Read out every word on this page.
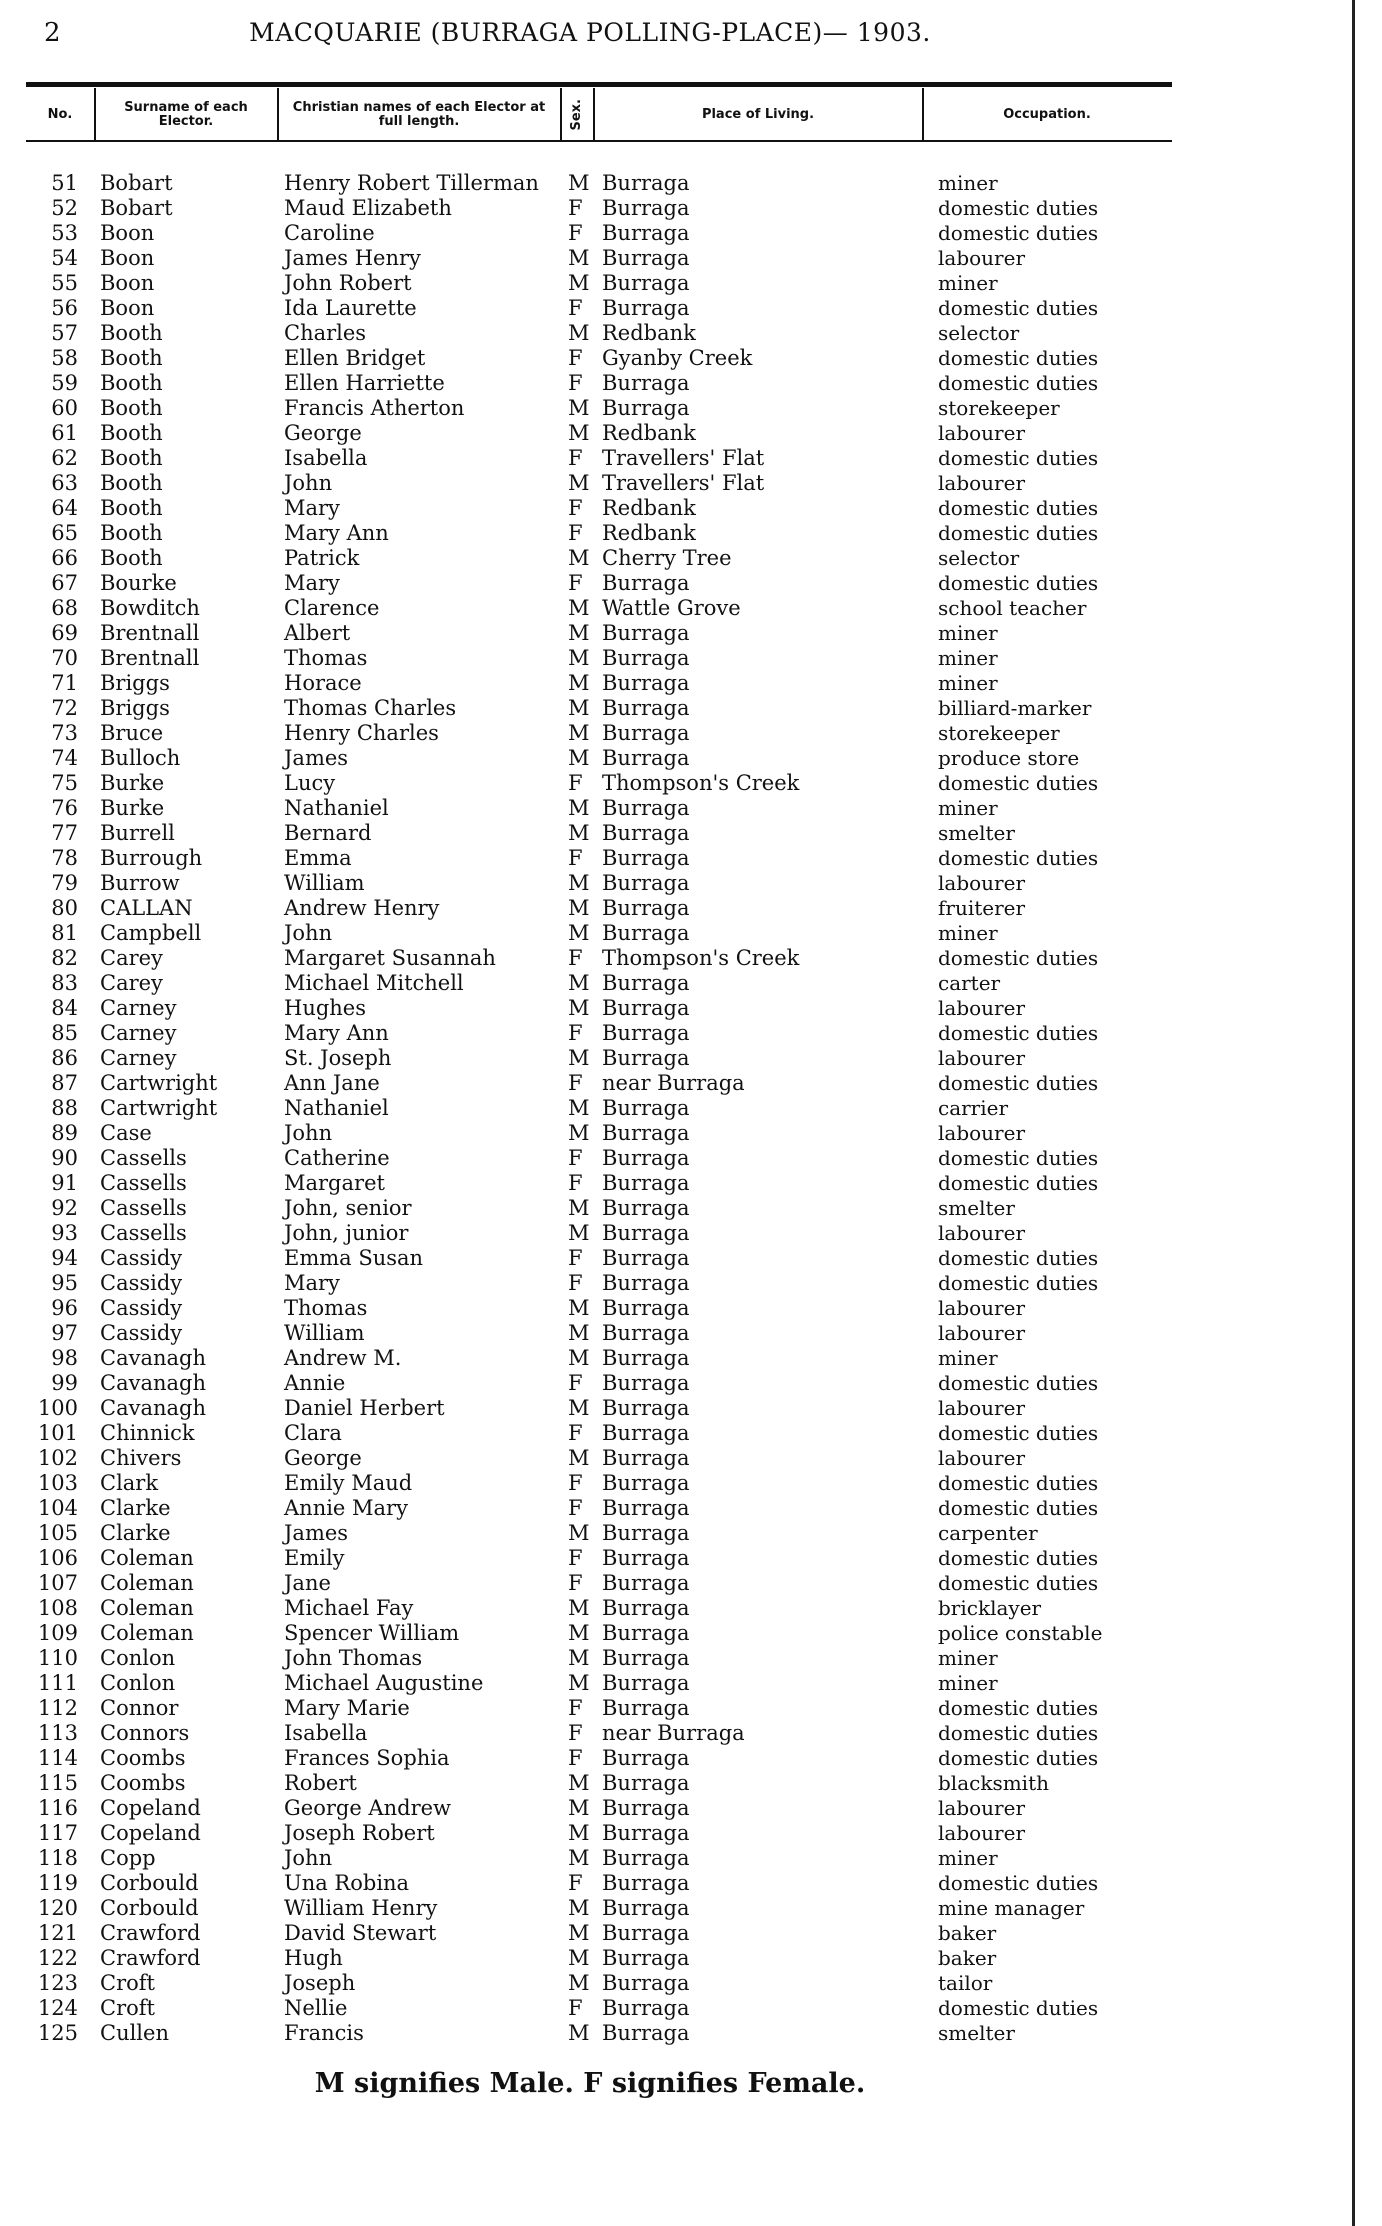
2	MACQUARIE (BURRAGA POLLING-PLACE)— 1903.
No.	Surname of each Elector.
Christian names of each Elector at full length.	Sex.	Place of Living.	Occupation.
51 Bobart	Henry Robert Tillerman M Burraga	miner
52 Bobart	Maud Elizabeth	F Burraga	domestic duties
53 Boon	Caroline	F Burraga	domestic duties
54 Boon	James Henry	M Burraga	labourer
55 Boon	John Robert	M Burraga	miner
56 Boon	Ida Laurette	F Burraga	domestic duties
57 Booth	Charles	M Redbank	selector
58 Booth	Ellen Bridget	F Gyanby Creek	domestic duties
59 Booth	Ellen Harriette	F Burraga	domestic duties
60 Booth	Francis Atherton	M Burraga	storekeeper
61 Booth	George	M Redbank	labourer
62 Booth	Isabella	F Travellers' Flat	domestic duties
63 Booth	John	M Travellers' Flat	labourer
64 Booth	Mary	F Redbank	domestic duties
65 Booth	Mary Ann	F Redbank	domestic duties
66 Booth	Patrick	M Cherry Tree	selector
67 Bourke	Mary	F Burraga	domestic duties
68 Bowditch	Clarence	M Wattle Grove	school teacher
69 Brentnall	Albert	M Burraga	miner
70 Brentnall	Thomas	M Burraga	miner
71 Briggs	Horace	M Burraga	miner
72 Briggs	Thomas Charles	M Burraga	billiard-marker
73 Bruce	Henry Charles	M Burraga	storekeeper
74 Bulloch	James	M Burraga	produce store
75 Burke	Lucy	F Thompson's Creek	domestic duties
76 Burke	Nathaniel	M Burraga	miner
77 Burrell	Bernard	M Burraga	smelter
78 Burrough	Emma	F Burraga	domestic duties
79 Burrow	William	M Burraga	labourer
80 CALLAN	Andrew Henry	M Burraga	fruiterer
81 Campbell	John	M Burraga	miner
82 Carey	Margaret Susannah	F Thompson's Creek	domestic duties
83 Carey	Michael Mitchell	M Burraga	carter
84 Carney	Hughes	M Burraga	labourer
85 Carney	Mary Ann	F Burraga	domestic duties
86 Carney	St. Joseph	M Burraga	labourer
87 Cartwright	Ann Jane	F near Burraga	domestic duties
88 Cartwright	Nathaniel	M Burraga	carrier
89 Case	John	M Burraga	labourer
90 Cassells	Catherine	F Burraga	domestic duties
91 Cassells	Margaret	F Burraga	domestic duties
92 Cassells	John, senior	M Burraga	smelter
93 Cassells	John, junior	M Burraga	labourer
94 Cassidy	Emma Susan	F Burraga	domestic duties
95 Cassidy	Mary	F Burraga	domestic duties
96 Cassidy	Thomas	M Burraga	labourer
97 Cassidy	William	M Burraga	labourer
98 Cavanagh	Andrew M.	M Burraga	miner
99 Cavanagh	Annie	F Burraga	domestic duties
100 Cavanagh	Daniel Herbert	M Burraga	labourer
101 Chinnick	Clara	F Burraga	domestic duties
102 Chivers	George	M Burraga	labourer
103 Clark	Emily Maud	F Burraga	domestic duties
104 Clarke	Annie Mary	F Burraga	domestic duties
105 Clarke	James	M Burraga	carpenter
106 Coleman	Emily	F Burraga	domestic duties
107 Coleman	Jane	F Burraga	domestic duties
108 Coleman	Michael Fay	M Burraga	bricklayer
109 Coleman	Spencer William	M Burraga	police constable
110 Conlon	John Thomas	M Burraga	miner
111 Conlon	Michael Augustine	M Burraga	miner
112 Connor	Mary Marie	F Burraga	domestic duties
113 Connors	Isabella	F near Burraga	domestic duties
114 Coombs	Frances Sophia	F Burraga	domestic duties
115 Coombs	Robert	M Burraga	blacksmith
116 Copeland	George Andrew	M Burraga	labourer
117 Copeland	Joseph Robert	M Burraga	labourer
118 Copp	John	M Burraga	miner
119 Corbould	Una Robina	F Burraga	domestic duties
120 Corbould	William Henry	M Burraga	mine manager
121 Crawford	David Stewart	M Burraga	baker
122 Crawford	Hugh	M Burraga	baker
123 Croft	Joseph	M Burraga	tailor
124 Croft	Nellie	F Burraga	domestic duties
125 Cullen	Francis	M Burraga	smelter
M signifies Male. F signifies Female.
